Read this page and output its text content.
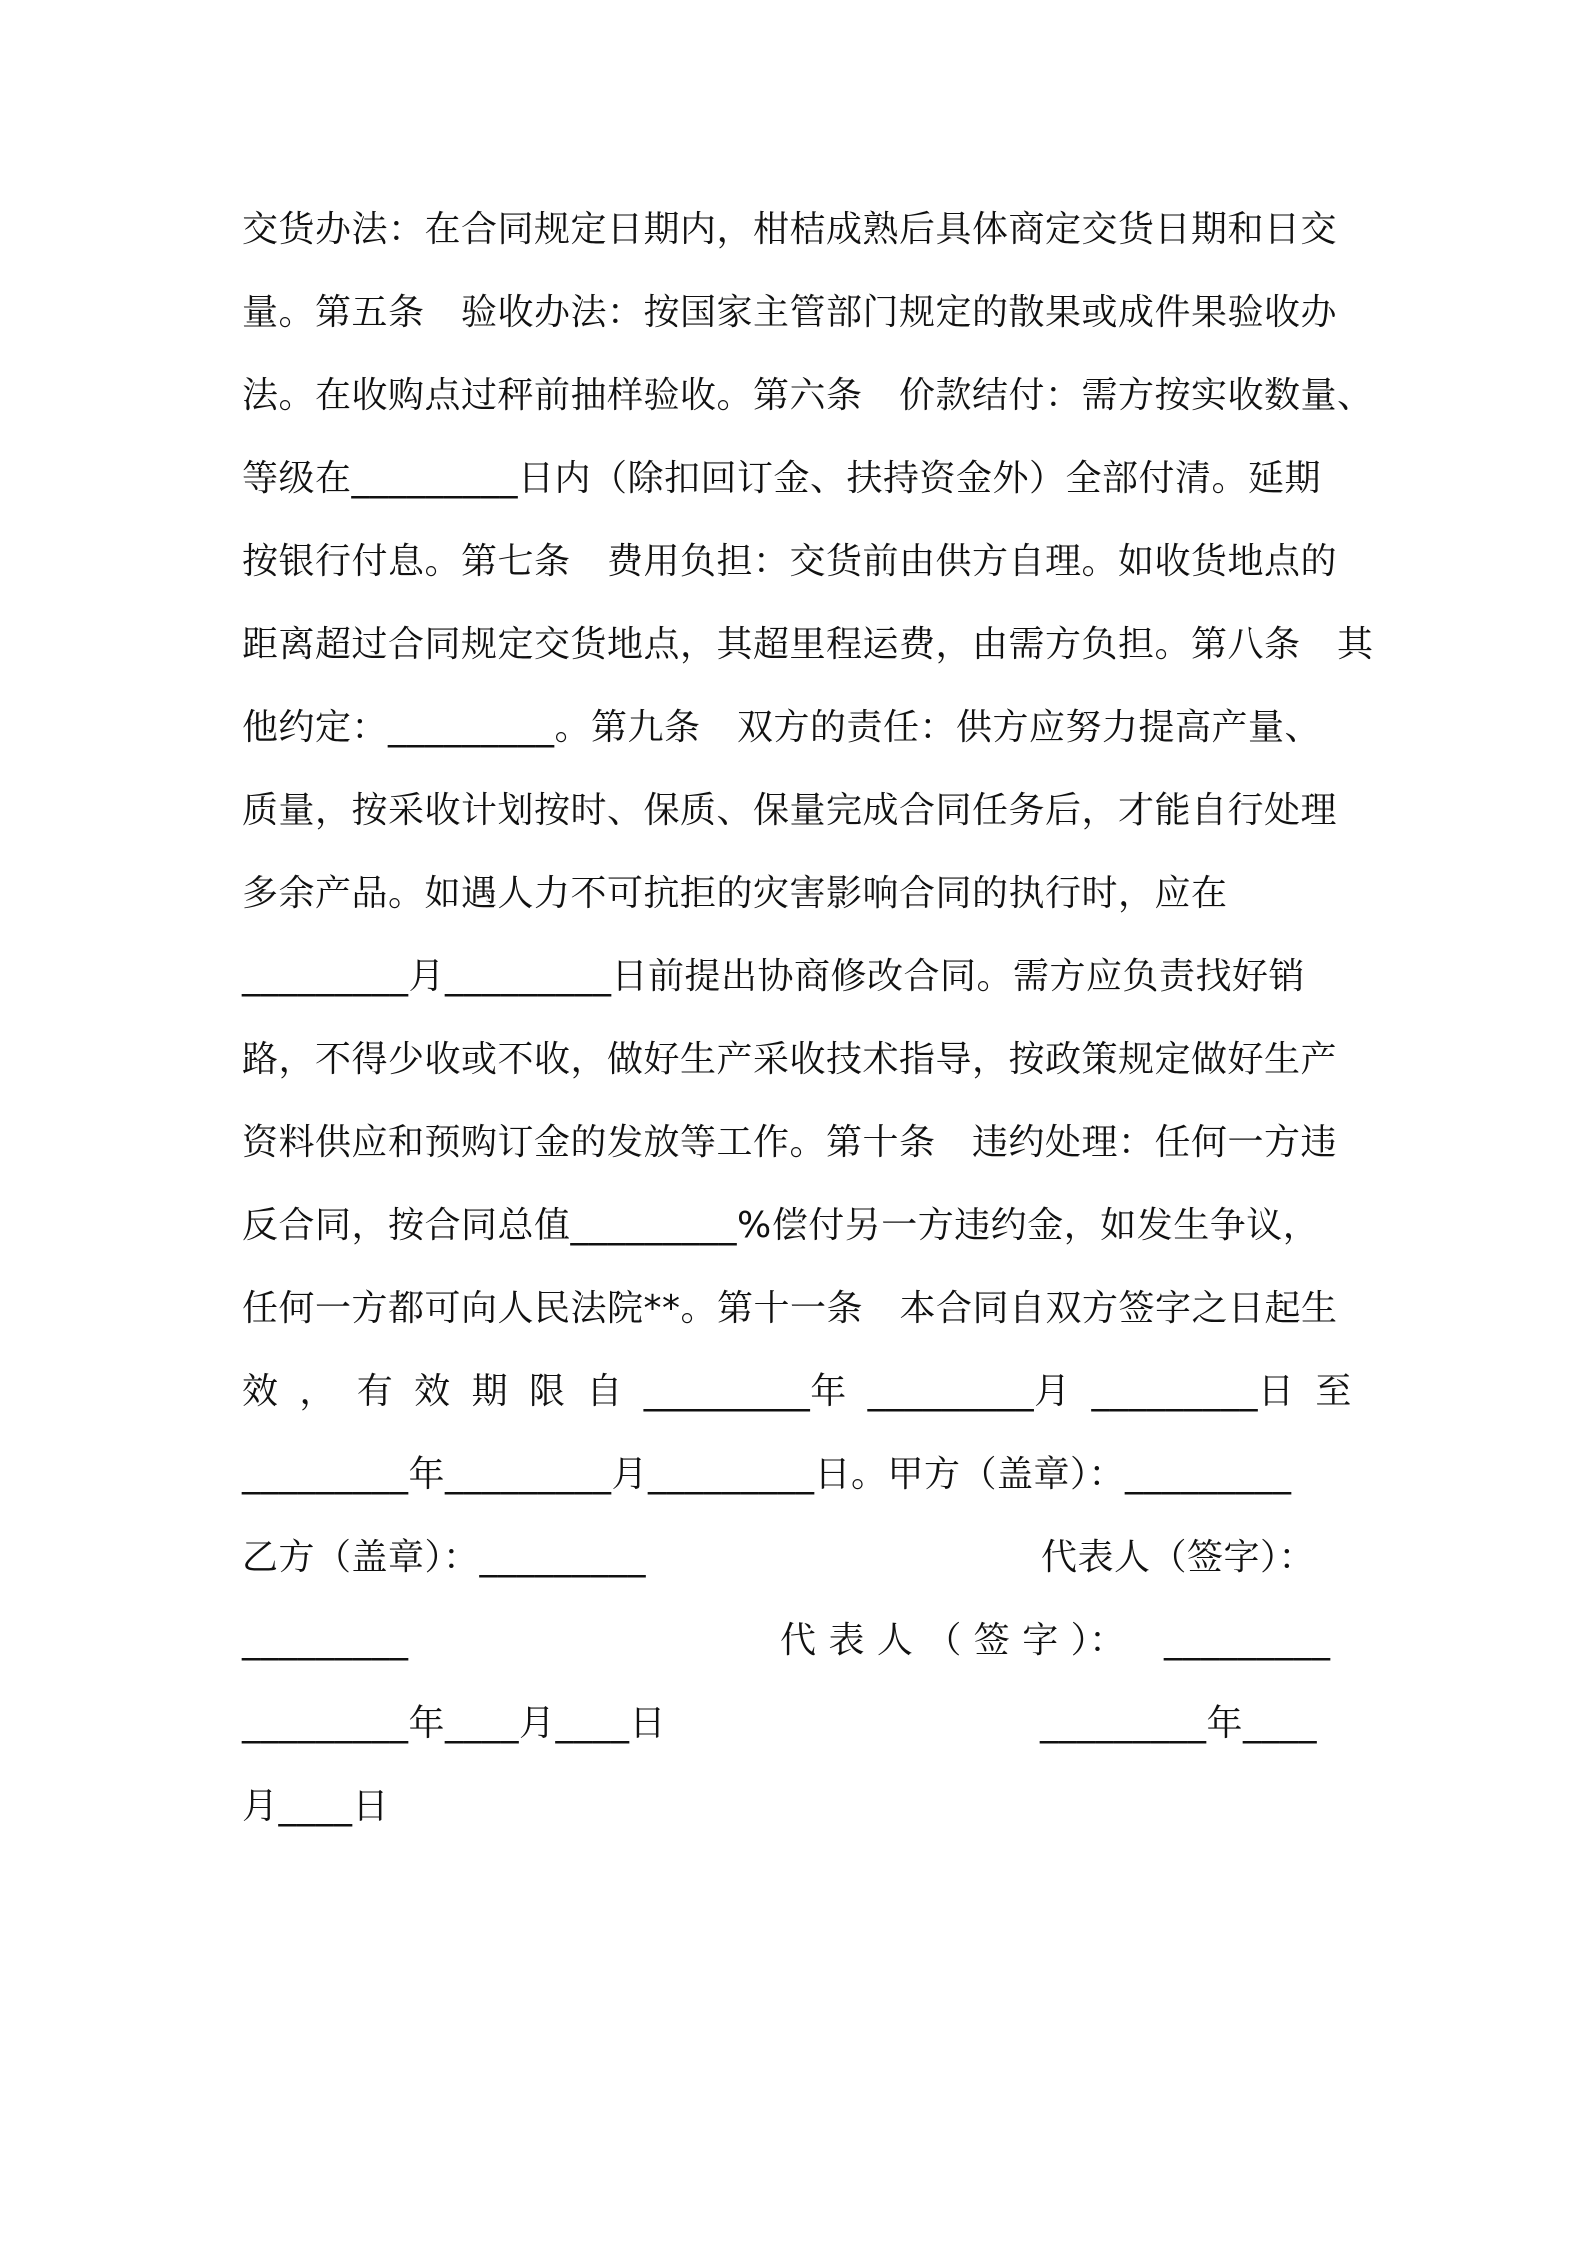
交货办法：在合同规定日期内，柑桔成熟后具体商定交货日期和日交
量。第五条　验收办法：按国家主管部门规定的散果或成件果验收办
法。在收购点过秤前抽样验收。第六条　价款结付：需方按实收数量、
等级在_________日内（除扣回订金、扶持资金外）全部付清。延期
按银行付息。第七条　费用负担：交货前由供方自理。如收货地点的
距离超过合同规定交货地点，其超里程运费，由需方负担。第八条　其
他约定：_________。第九条　双方的责任：供方应努力提高产量、
质量，按采收计划按时、保质、保量完成合同任务后，才能自行处理
多余产品。如遇人力不可抗拒的灾害影响合同的执行时，应在
_________月_________日前提出协商修改合同。需方应负责找好销
路，不得少收或不收，做好生产采收技术指导，按政策规定做好生产
资料供应和预购订金的发放等工作。第十条　违约处理：任何一方违
反合同，按合同总值_________%偿付另一方违约金，如发生争议，
任何一方都可向人民法院**。第十一条　本合同自双方签字之日起生
效 ， 有 效 期 限 自 _________年 _________月 _________日 至
_________年_________月_________日。甲方（盖章）：_________
乙方（盖章）：_________	代表人（签字）：
_________	代 表 人 （ 签 字 ）： _________
_________年____月____日	_________年____
月____日
